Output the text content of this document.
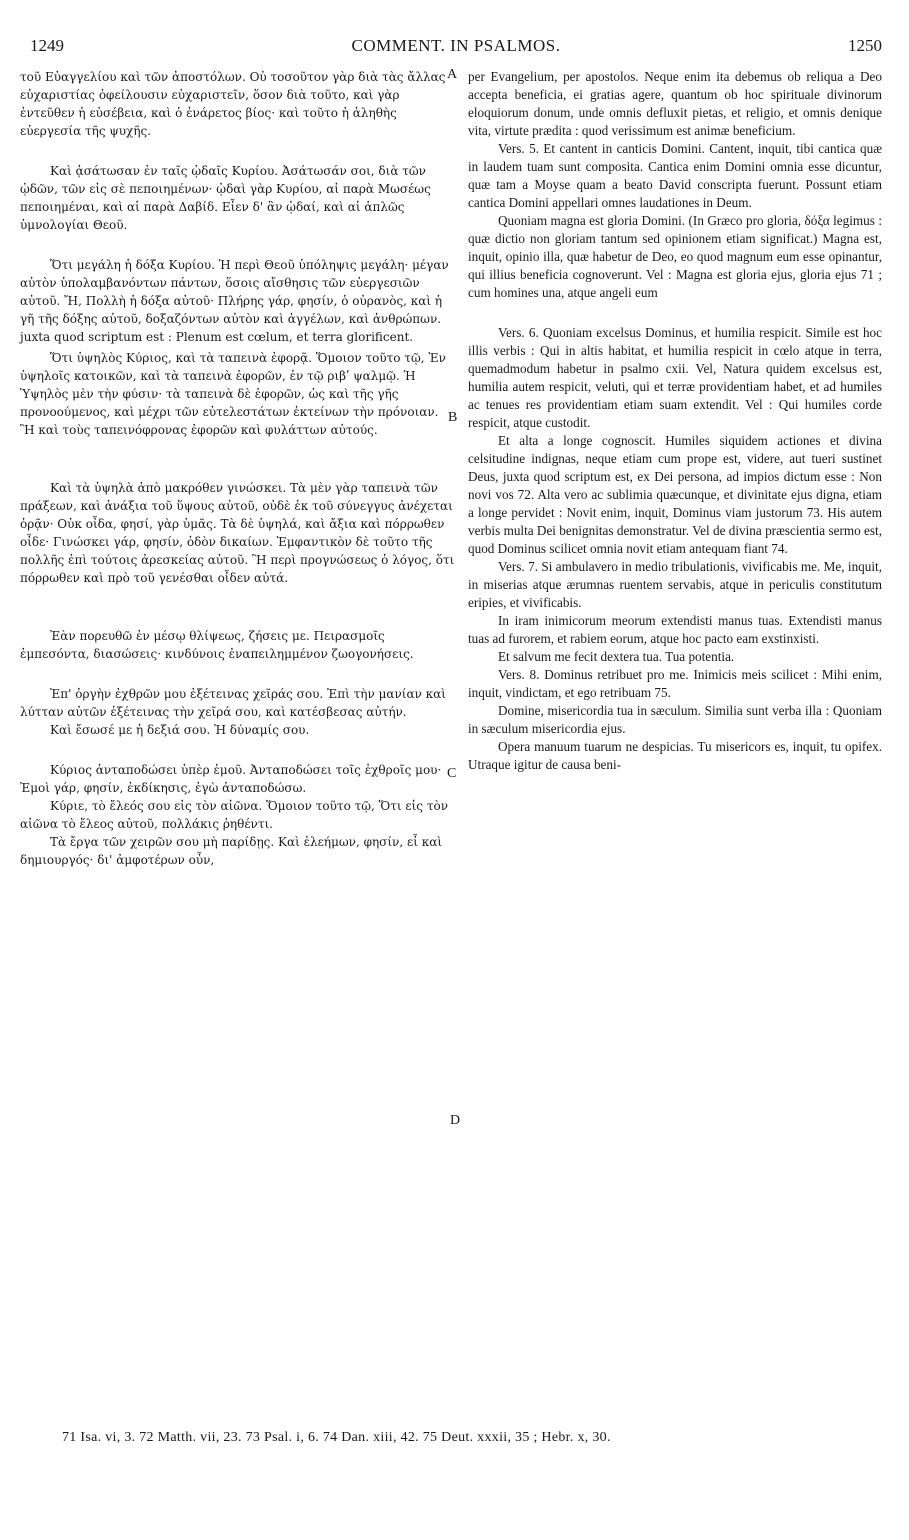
1249	COMMENT. IN PSALMOS.	1250
A
B
C
D

τοῦ Εὐαγγελίου καὶ τῶν ἀποστόλων. Οὐ τοσοῦτον γὰρ διὰ τὰς ἄλλας εὐχαριστίας ὀφείλουσιν εὐχαριστεῖν, ὅσον διὰ τοῦτο, καὶ γὰρ ἐντεῦθεν ἡ εὐσέβεια, καὶ ὁ ἐνάρετος βίος· καὶ τοῦτο ἡ ἀληθὴς εὐεργεσία τῆς ψυχῆς.

Καὶ ᾀσάτωσαν ἐν ταῖς ᾠδαῖς Κυρίου. Ἀσάτωσάν σοι, διὰ τῶν ᾠδῶν, τῶν εἰς σὲ πεποιημένων· ᾠδαὶ γὰρ Κυρίου, αἱ παρὰ Μωσέως πεποιημέναι, καὶ αἱ παρὰ Δαβίδ. Εἶεν δ' ἂν ᾠδαί, καὶ αἱ ἁπλῶς ὑμνολογίαι Θεοῦ.

Ὅτι μεγάλη ἡ δόξα Κυρίου. Ἡ περὶ Θεοῦ ὑπόληψις μεγάλη· μέγαν αὐτὸν ὑπολαμβανόντων πάντων, ὅσοις αἴσθησις τῶν εὐεργεσιῶν αὐτοῦ. Ἤ, Πολλὴ ἡ δόξα αὐτοῦ· Πλήρης γάρ, φησίν, ὁ οὐρανὸς, καὶ ἡ γῆ τῆς δόξης αὐτοῦ, δοξαζόντων αὐτὸν καὶ ἀγγέλων, καὶ ἀνθρώπων.

juxta quod scriptum est : Plenum est cœlum, et terra glorificent.

Ὅτι ὑψηλὸς Κύριος, καὶ τὰ ταπεινὰ ἐφορᾷ. Ὅμοιον τοῦτο τῷ, Ἐν ὑψηλοῖς κατοικῶν, καὶ τὰ ταπεινὰ ἐφορῶν, ἐν τῷ ριβʹ ψαλμῷ. Ἡ Ὑψηλὸς μὲν τὴν φύσιν· τὰ ταπεινὰ δὲ ἐφορῶν, ὡς καὶ τῆς γῆς προνοούμενος, καὶ μέχρι τῶν εὐτελεστάτων ἐκτείνων τὴν πρόνοιαν. Ἢ καὶ τοὺς ταπεινόφρονας ἐφορῶν καὶ φυλάττων αὐτούς.

Καὶ τὰ ὑψηλὰ ἀπὸ μακρόθεν γινώσκει. Τὰ μὲν γὰρ ταπεινὰ τῶν πράξεων, καὶ ἀνάξια τοῦ ὕψους αὐτοῦ, οὐδὲ ἐκ τοῦ σύνεγγυς ἀνέχεται ὁρᾷν· Οὐκ οἶδα, φησί, γὰρ ὑμᾶς. Τὰ δὲ ὑψηλά, καὶ ἄξια καὶ πόρρωθεν οἶδε· Γινώσκει γάρ, φησίν, ὁδὸν δικαίων. Ἐμφαντικὸν δὲ τοῦτο τῆς πολλῆς ἐπὶ τούτοις ἀρεσκείας αὐτοῦ. Ἢ περὶ προγνώσεως ὁ λόγος, ὅτι πόρρωθεν καὶ πρὸ τοῦ γενέσθαι οἶδεν αὐτά.

Ἐὰν πορευθῶ ἐν μέσῳ θλίψεως, ζήσεις με. Πειρασμοῖς ἐμπεσόντα, διασώσεις· κινδύνοις ἐναπειλημμένον ζωογονήσεις.

Ἐπ' ὀργὴν ἐχθρῶν μου ἐξέτεινας χεῖράς σου. Ἐπὶ τὴν μανίαν καὶ λύτταν αὐτῶν ἐξέτεινας τὴν χεῖρά σου, καὶ κατέσβεσας αὐτήν.

Καὶ ἔσωσέ με ἡ δεξιά σου. Ἡ δύναμίς σου.

Κύριος ἀνταποδώσει ὑπὲρ ἐμοῦ. Ἀνταποδώσει τοῖς ἐχθροῖς μου· Ἐμοὶ γάρ, φησίν, ἐκδίκησις, ἐγὼ ἀνταποδώσω.

Κύριε, τὸ ἔλεός σου εἰς τὸν αἰῶνα. Ὅμοιον τοῦτο τῷ, Ὅτι εἰς τὸν αἰῶνα τὸ ἔλεος αὐτοῦ, πολλάκις ῥηθέντι.

Τὰ ἔργα τῶν χειρῶν σου μὴ παρίδῃς. Καὶ ἐλεήμων, φησίν, εἶ καὶ δημιουργός· δι' ἀμφοτέρων οὖν,

per Evangelium, per apostolos. Neque enim ita debemus ob reliqua a Deo accepta beneficia, ei gratias agere, quantum ob hoc spirituale divinorum eloquiorum donum, unde omnis defluxit pietas, et religio, et omnis denique vita, virtute prædita : quod verissimum est animæ beneficium.

Vers. 5. Et cantent in canticis Domini. Cantent, inquit, tibi cantica quæ in laudem tuam sunt composita. Cantica enim Domini omnia esse dicuntur, quæ tam a Moyse quam a beato David conscripta fuerunt. Possunt etiam cantica Domini appellari omnes laudationes in Deum.

Quoniam magna est gloria Domini. (In Græco pro gloria, δόξα legimus : quæ dictio non gloriam tantum sed opinionem etiam significat.) Magna est, inquit, opinio illa, quæ habetur de Deo, eo quod magnum eum esse opinantur, qui illius beneficia cognoverunt. Vel : Magna est gloria ejus, gloria ejus 71 ; cum homines una, atque angeli eum

Vers. 6. Quoniam excelsus Dominus, et humilia respicit. Simile est hoc illis verbis : Qui in altis habitat, et humilia respicit in cœlo atque in terra, quemadmodum habetur in psalmo cxii. Vel, Natura quidem excelsus est, humilia autem respicit, veluti, qui et terræ providentiam habet, et ad humiles ac tenues res providentiam etiam suam extendit. Vel : Qui humiles corde respicit, atque custodit.

Et alta a longe cognoscit. Humiles siquidem actiones et divina celsitudine indignas, neque etiam cum prope est, videre, aut tueri sustinet Deus, juxta quod scriptum est, ex Dei persona, ad impios dictum esse : Non novi vos 72. Alta vero ac sublimia quæcunque, et divinitate ejus digna, etiam a longe pervidet : Novit enim, inquit, Dominus viam justorum 73. His autem verbis multa Dei benignitas demonstratur. Vel de divina præscientia sermo est, quod Dominus scilicet omnia novit etiam antequam fiant 74.

Vers. 7. Si ambulavero in medio tribulationis, vivificabis me. Me, inquit, in miserias atque ærumnas ruentem servabis, atque in periculis constitutum eripies, et vivificabis.

In iram inimicorum meorum extendisti manus tuas. Extendisti manus tuas ad furorem, et rabiem eorum, atque hoc pacto eam exstinxisti.

Et salvum me fecit dextera tua. Tua potentia.

Vers. 8. Dominus retribuet pro me. Inimicis meis scilicet : Mihi enim, inquit, vindictam, et ego retribuam 75.

Domine, misericordia tua in sæculum. Similia sunt verba illa : Quoniam in sæculum misericordia ejus.

Opera manuum tuarum ne despicias. Tu misericors es, inquit, tu opifex. Utraque igitur de causa beni-

71 Isa. vi, 3. 72 Matth. vii, 23. 73 Psal. i, 6. 74 Dan. xiii, 42. 75 Deut. xxxii, 35 ; Hebr. x, 30.
